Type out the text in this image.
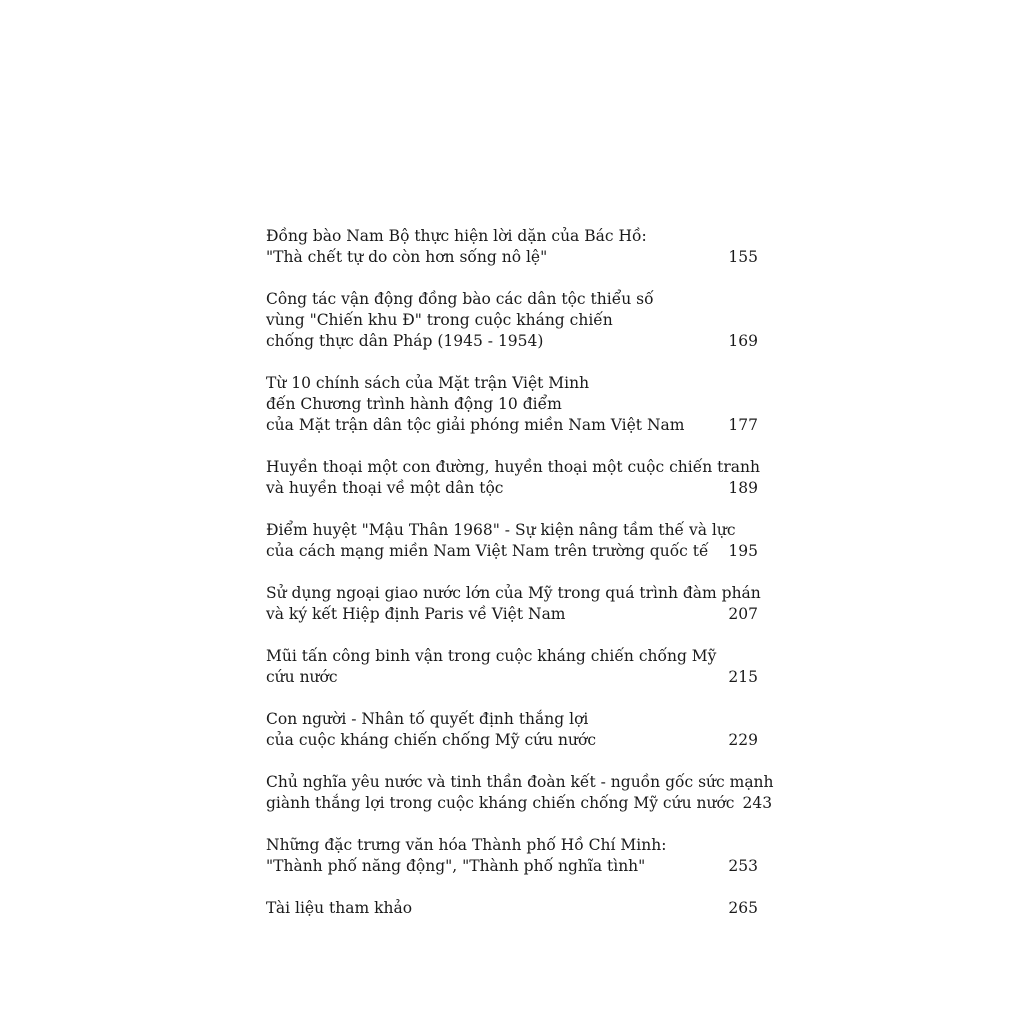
Đồng bào Nam Bộ thực hiện lời dặn của Bác Hồ:
"Thà chết tự do còn hơn sống nô lệ"	155
Công tác vận động đồng bào các dân tộc thiểu số
vùng "Chiến khu Đ" trong cuộc kháng chiến
chống thực dân Pháp (1945 - 1954)	169
Từ 10 chính sách của Mặt trận Việt Minh
đến Chương trình hành động 10 điểm
của Mặt trận dân tộc giải phóng miền Nam Việt Nam	177
Huyền thoại một con đường, huyền thoại một cuộc chiến tranh
và huyền thoại về một dân tộc	189
Điểm huyệt "Mậu Thân 1968" - Sự kiện nâng tầm thế và lực
của cách mạng miền Nam Việt Nam trên trường quốc tế	195
Sử dụng ngoại giao nước lớn của Mỹ trong quá trình đàm phán
và ký kết Hiệp định Paris về Việt Nam	207
Mũi tấn công binh vận trong cuộc kháng chiến chống Mỹ
cứu nước	215
Con người - Nhân tố quyết định thắng lợi
của cuộc kháng chiến chống Mỹ cứu nước	229
Chủ nghĩa yêu nước và tinh thần đoàn kết - nguồn gốc sức mạnh
giành thắng lợi trong cuộc kháng chiến chống Mỹ cứu nước 243
Những đặc trưng văn hóa Thành phố Hồ Chí Minh:
"Thành phố năng động", "Thành phố nghĩa tình"	253
Tài liệu tham khảo	265
